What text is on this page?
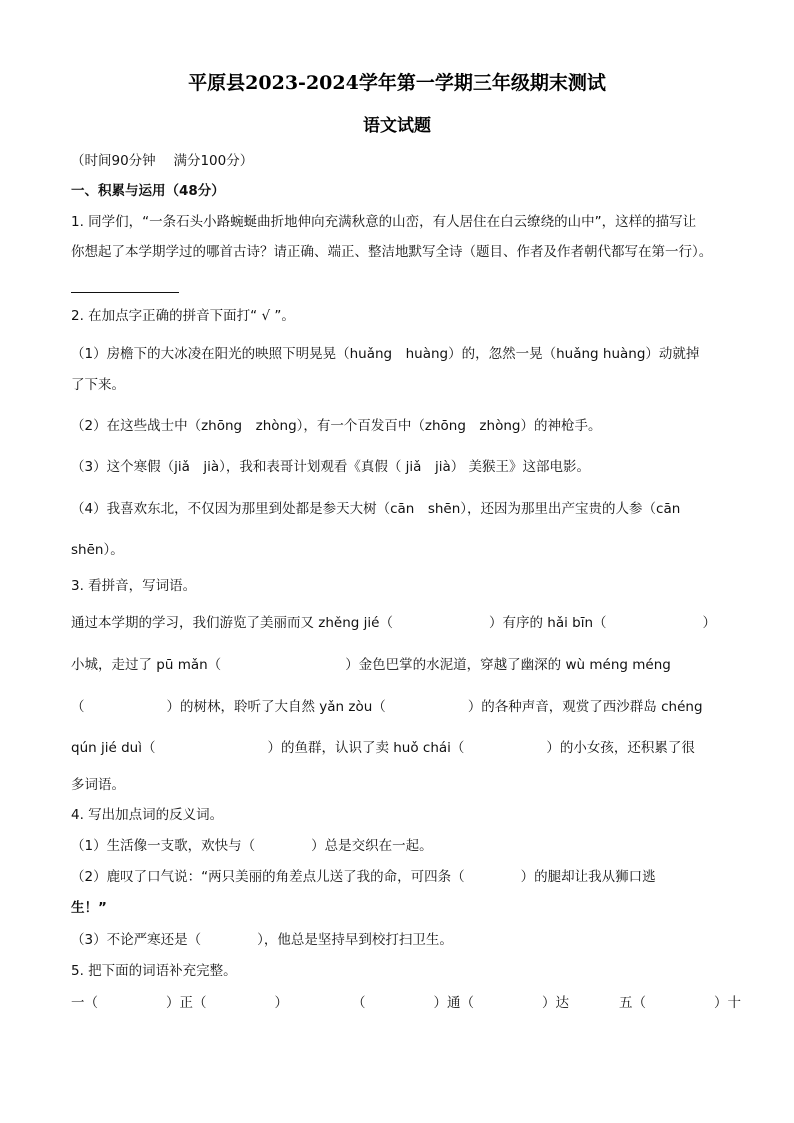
平原县2023-2024学年第一学期三年级期末测试
语文试题
（时间90分钟　 满分100分）
一、积累与运用（48分）
1. 同学们，“一条石头小路蜿蜒曲折地伸向充满秋意的山峦，有人居住在白云缭绕的山中”，这样的描写让
你想起了本学期学过的哪首古诗？请正确、端正、整洁地默写全诗（题目、作者及作者朝代都写在第一行）。
2. 在加点字正确的拼音下面打“ √ ”。
（1）房檐下的大冰凌在阳光的映照下明晃晃（huǎng　huàng）的，忽然一晃（huǎng huàng）动就掉
了下来。
（2）在这些战士中（zhōng　zhòng），有一个百发百中（zhōng　zhòng）的神枪手。
（3）这个寒假（jiǎ　jià），我和表哥计划观看《真假（ jiǎ　jià） 美猴王》这部电影。
（4）我喜欢东北，不仅因为那里到处都是参天大树（cān　shēn），还因为那里出产宝贵的人参（cān
shēn）。
3. 看拼音，写词语。
通过本学期的学习，我们游览了美丽而又 zhěng jié（	）有序的 hǎi bīn（	）
小城，走过了 pū mǎn（	）金色巴掌的水泥道，穿越了幽深的 wù méng méng
（	）的树林，聆听了大自然 yǎn zòu（	）的各种声音，观赏了西沙群岛 chéng
qún jié duì（	）的鱼群，认识了卖 huǒ chái（	）的小女孩，还积累了很
多词语。
4. 写出加点词的反义词。
（1）生活像一支歌，欢快与（	）总是交织在一起。
（2）鹿叹了口气说：“两只美丽的角差点儿送了我的命，可四条（	）的腿却让我从狮口逃
生！”
（3）不论严寒还是（	），他总是坚持早到校打扫卫生。
5. 把下面的词语补充完整。
一（	）正（	）	（	）通（	）达	五（	）十
